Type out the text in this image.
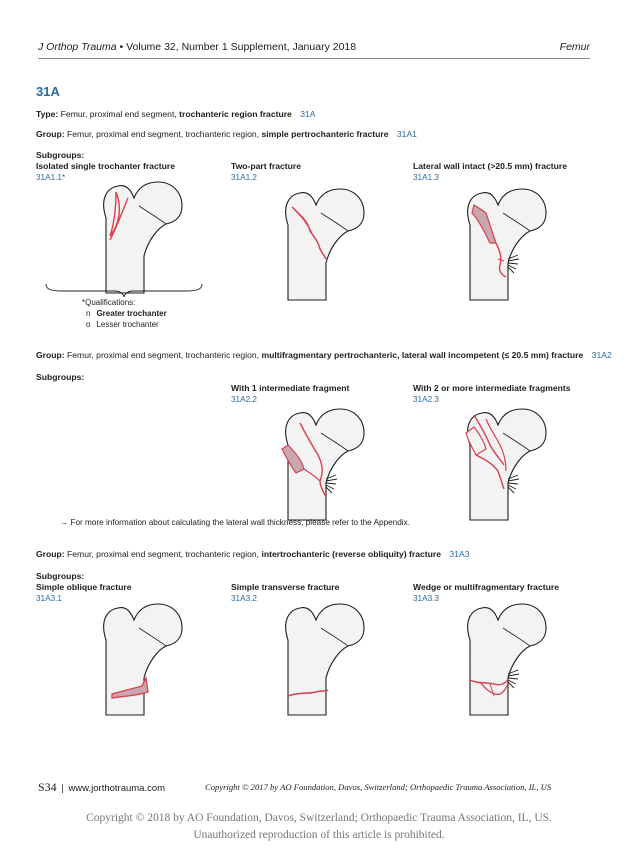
J Orthop Trauma • Volume 32, Number 1 Supplement, January 2018	Femur
31A
Type: Femur, proximal end segment, trochanteric region fracture 31A
Group: Femur, proximal end segment, trochanteric region, simple pertrochanteric fracture 31A1
Subgroups:
Isolated single trochanter fracture
31A1.1*
Two-part fracture
31A1.2
Lateral wall intact (>20.5 mm) fracture
31A1.3
*Qualifications:
n Greater trochanter
o Lesser trochanter
Group: Femur, proximal end segment, trochanteric region, multifragmentary pertrochanteric, lateral wall incompetent (≤ 20.5 mm) fracture 31A2
Subgroups:
With 1 intermediate fragment
31A2.2
With 2 or more intermediate fragments
31A2.3
→ For more information about calculating the lateral wall thickness, please refer to the Appendix.
Group: Femur, proximal end segment, trochanteric region, intertrochanteric (reverse obliquity) fracture 31A3
Subgroups:
Simple oblique fracture
31A3.1
Simple transverse fracture
31A3.2
Wedge or multifragmentary fracture
31A3.3
S34 | www.jorthotrauma.com	Copyright © 2017 by AO Foundation, Davos, Switzerland; Orthopaedic Trauma Association, IL, US
Copyright © 2018 by AO Foundation, Davos, Switzerland; Orthopaedic Trauma Association, IL, US.
Unauthorized reproduction of this article is prohibited.
